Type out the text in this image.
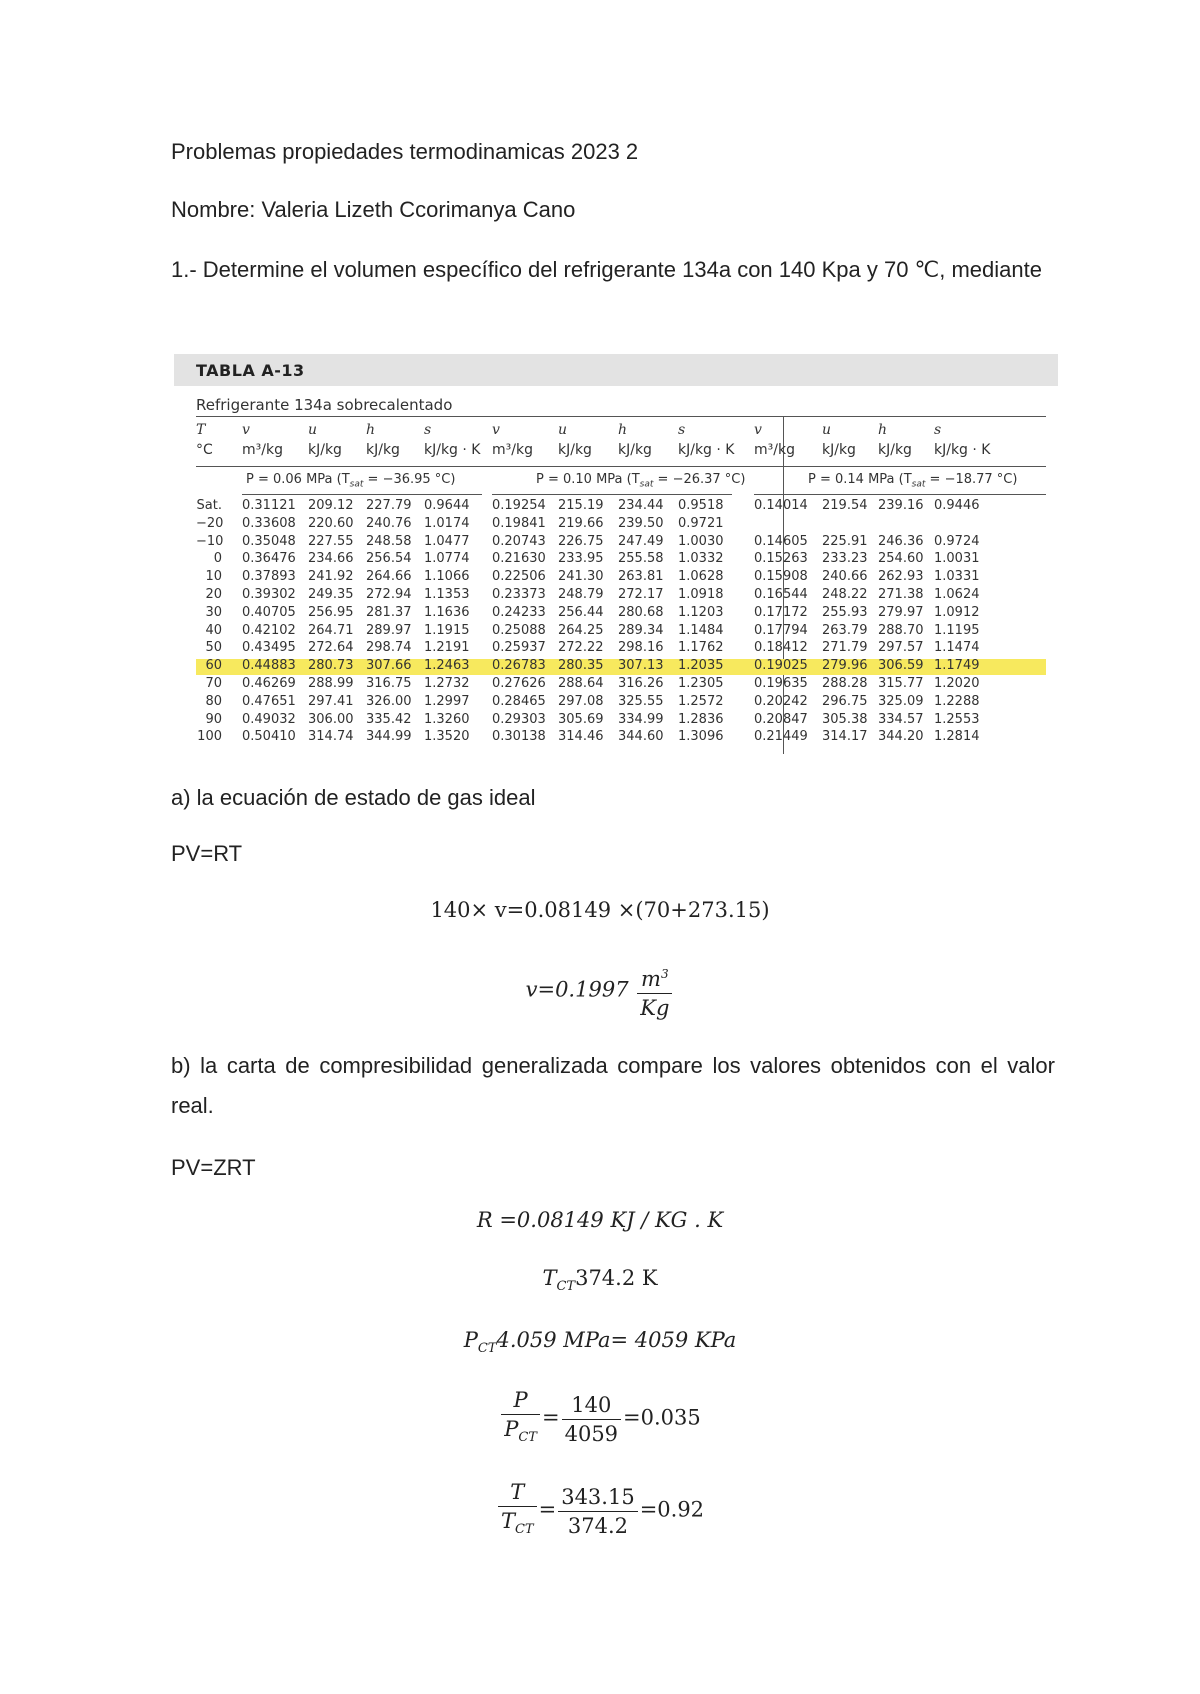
Problemas propiedades termodinamicas 2023 2
Nombre: Valeria Lizeth Ccorimanya Cano
1.- Determine el volumen específico del refrigerante 134a con 140 Kpa y 70 ℃, mediante
TABLA A-13
Refrigerante 134a sobrecalentado
T
°C
v
m³/kg
u
kJ/kg
h
kJ/kg
s
kJ/kg · K
v
m³/kg
u
kJ/kg
h
kJ/kg
s
kJ/kg · K
v
m³/kg
u
kJ/kg
h
kJ/kg
s
kJ/kg · K
P = 0.06 MPa ($T_{sat} = -36.95$ °C)	P = 0.10 MPa ($T_{sat} = -26.37$ °C)	P = 0.14 MPa ($T_{sat} = -18.77$ °C)
Sat. 0.31121 209.12 227.79 0.9644 0.19254 215.19 234.44 0.9518 0.14014 219.54 239.16 0.9446
−20 0.33608 220.60 240.76 1.0174 0.19841 219.66 239.50 0.9721
−10 0.35048 227.55 248.58 1.0477 0.20743 226.75 247.49 1.0030 0.14605 225.91 246.36 0.9724
0 0.36476 234.66 256.54 1.0774 0.21630 233.95 255.58 1.0332 0.15263 233.23 254.60 1.0031
10 0.37893 241.92 264.66 1.1066 0.22506 241.30 263.81 1.0628 0.15908 240.66 262.93 1.0331
20 0.39302 249.35 272.94 1.1353 0.23373 248.79 272.17 1.0918 0.16544 248.22 271.38 1.0624
30 0.40705 256.95 281.37 1.1636 0.24233 256.44 280.68 1.1203 0.17172 255.93 279.97 1.0912
40 0.42102 264.71 289.97 1.1915 0.25088 264.25 289.34 1.1484 0.17794 263.79 288.70 1.1195
50 0.43495 272.64 298.74 1.2191 0.25937 272.22 298.16 1.1762 0.18412 271.79 297.57 1.1474
60 0.44883 280.73 307.66 1.2463 0.26783 280.35 307.13 1.2035 0.19025 279.96 306.59 1.1749
70 0.46269 288.99 316.75 1.2732 0.27626 288.64 316.26 1.2305 0.19635 288.28 315.77 1.2020
80 0.47651 297.41 326.00 1.2997 0.28465 297.08 325.55 1.2572 0.20242 296.75 325.09 1.2288
90 0.49032 306.00 335.42 1.3260 0.29303 305.69 334.99 1.2836 0.20847 305.38 334.57 1.2553
100 0.50410 314.74 344.99 1.3520 0.30138 314.46 344.60 1.3096 0.21449 314.17 344.20 1.2814
a) la ecuación de estado de gas ideal
PV=RT
140× v=0.08149 ×(70+273.15)
$v=0.1997 \frac{m^3}{Kg}$
b) la carta de compresibilidad generalizada compare los valores obtenidos con el valor real.
PV=ZRT
R =0.08149 KJ / KG . K
$T_{CT}374.2$ K
$P_{CT}4.059$ MPa= 4059 KPa
$\frac{P}{P_{CT}} = \frac{140}{4059} =0.035$
$\frac{T}{T_{CT}} = \frac{343.15}{374.2} =0.92$
